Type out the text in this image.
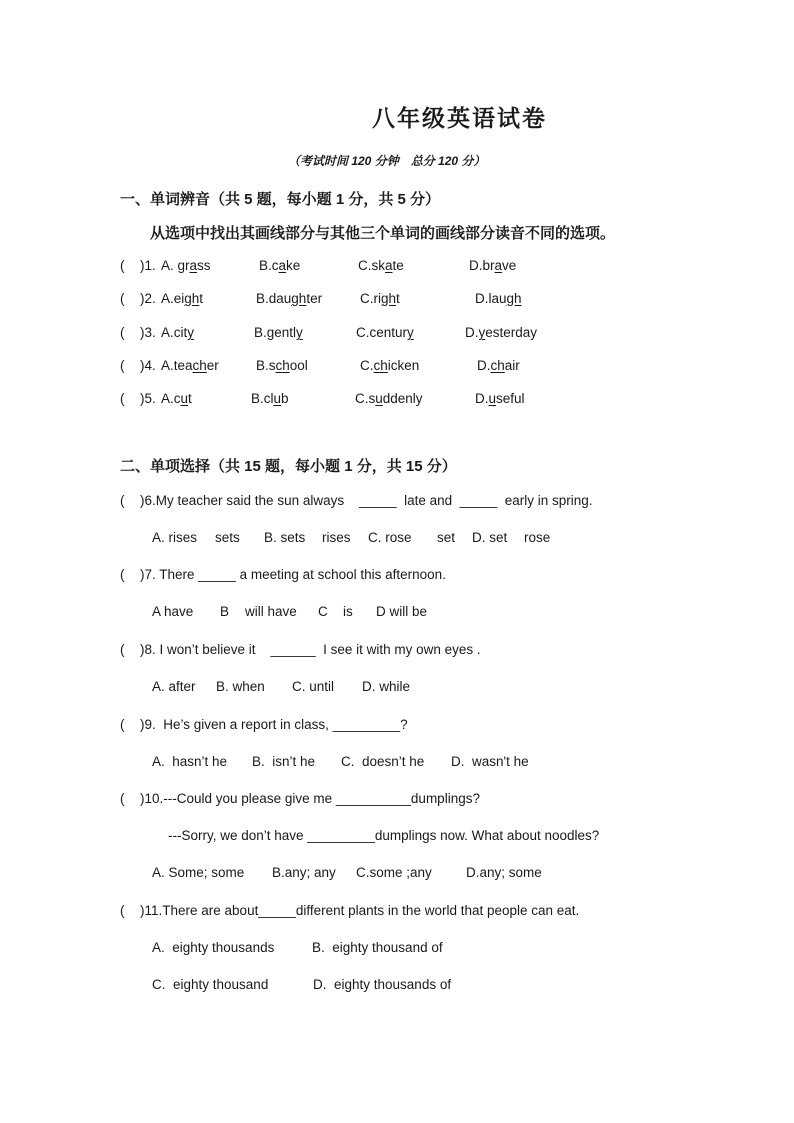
八年级英语试卷
（考试时间 120 分钟　总分 120 分）
一、单词辨音（共 5 题，每小题 1 分，共 5 分）
从选项中找出其画线部分与其他三个单词的画线部分读音不同的选项。
( )1. A. grass	B.cake	C.skate	D.brave
( )2. A.eight	B.daughter	C.right	D.laugh
( )3. A.city	B.gently	C.century	D.yesterday
( )4. A.teacher	B.school	C.chicken	D.chair
( )5. A.cut	B.club	C.suddenly	D.useful
二、单项选择（共 15 题，每小题 1 分，共 15 分）
( )6.My teacher said the sun always    _____  late and  _____  early in spring.
A. rises sets B. sets rises C. rose set D. set rose
( )7. There _____ a meeting at school this afternoon.
A have B will have C is D will be
( )8. I won’t believe it    ______  I see it with my own eyes .
A. after B. when C. until D. while
( )9.  He’s given a report in class, _________?
A.  hasn’t he B.  isn’t he C.  doesn’t he D.  wasn't he
( )10.---Could you please give me __________dumplings?
---Sorry, we don’t have _________dumplings now. What about noodles?
A. Some; some B.any; any C.some ;any	D.any; some
( )11.There are about_____different plants in the world that people can eat.
A.  eighty thousands	B.  eighty thousand of
C.  eighty thousand	D.  eighty thousands of
